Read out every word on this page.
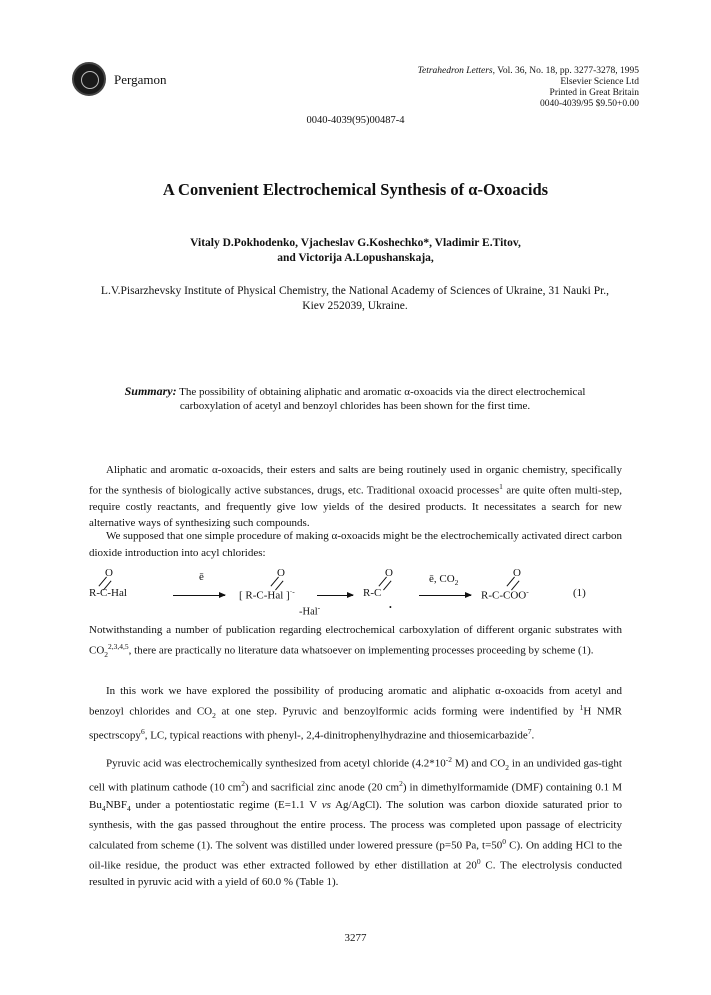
Pergamon
Tetrahedron Letters, Vol. 36, No. 18, pp. 3277-3278, 1995
Elsevier Science Ltd
Printed in Great Britain
0040-4039/95 $9.50+0.00
0040-4039(95)00487-4
A Convenient Electrochemical Synthesis of α-Oxoacids
Vitaly D.Pokhodenko, Vjacheslav G.Koshechko*, Vladimir E.Titov,
and Victorija A.Lopushanskaja,
L.V.Pisarzhevsky Institute of Physical Chemistry, the National Academy of Sciences of Ukraine, 31 Nauki Pr., Kiev 252039, Ukraine.
Summary: The possibility of obtaining aliphatic and aromatic α-oxoacids via the direct electrochemical carboxylation of acetyl and benzoyl chlorides has been shown for the first time.
Aliphatic and aromatic α-oxoacids, their esters and salts are being routinely used in organic chemistry, specifically for the synthesis of biologically active substances, drugs, etc. Traditional oxoacid processes$^1$ are quite often multi-step, require costly reactants, and frequently give low yields of the desired products. It necessitates a search for new alternative ways of synthesizing such compounds.
We supposed that one simple procedure of making α-oxoacids might be the electrochemically activated direct carbon dioxide introduction into acyl chlorides:
O
R-C-Hal
ē	O
[ R-C-Hal ]·-
-Hal-
O
R-C
•
ē, $CO_2$
O
R-C-COO-	(1)
Notwithstanding a number of publication regarding electrochemical carboxylation of different organic substrates with $CO_2^{2,3,4,5}$, there are practically no literature data whatsoever on implementing processes proceeding by scheme (1).
In this work we have explored the possibility of producing aromatic and aliphatic α-oxoacids from acetyl and benzoyl chlorides and $CO_2$ at one step. Pyruvic and benzoylformic acids forming were indentified by $^1$H NMR spectrscopy$^6$, LC, typical reactions with phenyl-, 2,4-dinitrophenylhydrazine and thiosemicarbazide$^7$.
Pyruvic acid was electrochemically synthesized from acetyl chloride ($4.2*10^{-2}$ M) and $CO_2$ in an undivided gas-tight cell with platinum cathode (10 $cm^2$) and sacrificial zinc anode (20 $cm^2$) in dimethylformamide (DMF) containing 0.1 M $Bu_4NBF_4$ under a potentiostatic regime (E=1.1 V vs Ag/AgCl). The solution was carbon dioxide saturated prior to synthesis, with the gas passed throughout the entire process. The process was completed upon passage of electricity calculated from scheme (1). The solvent was distilled under lowered pressure (p=50 Pa, $t=50^0$ C). On adding HCl to the oil-like residue, the product was ether extracted followed by ether distillation at $20^0$ C. The electrolysis conducted resulted in pyruvic acid with a yield of 60.0 % (Table 1).
3277
